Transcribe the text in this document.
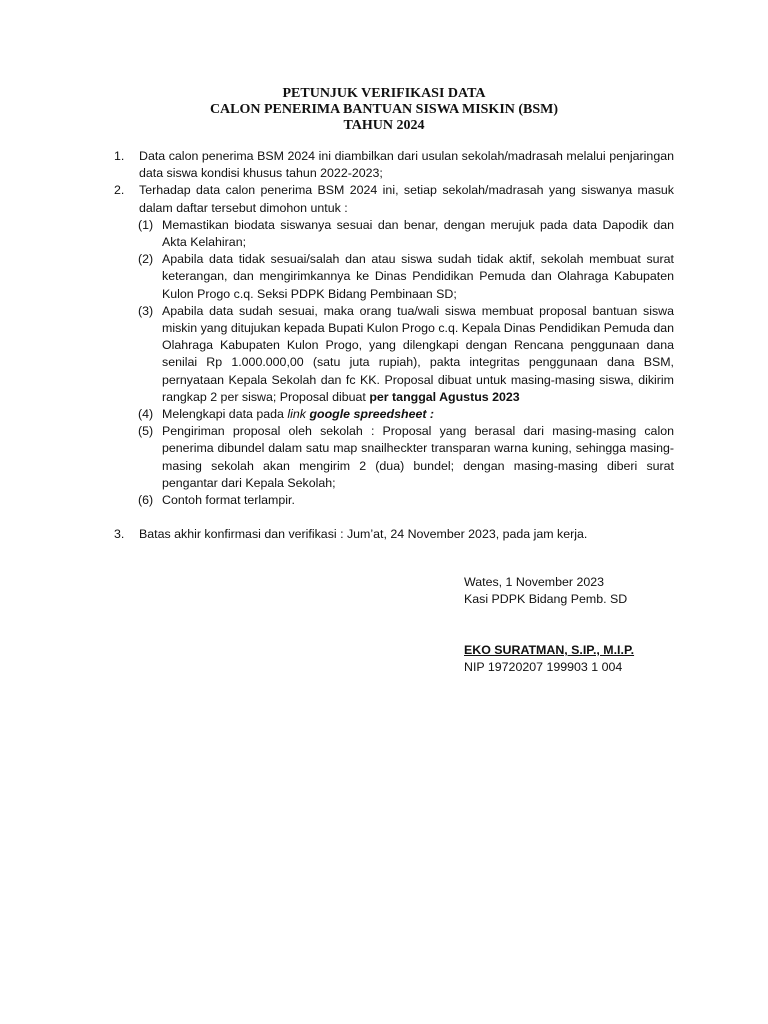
PETUNJUK VERIFIKASI DATA
CALON PENERIMA BANTUAN SISWA MISKIN (BSM)
TAHUN 2024
1. Data calon penerima BSM 2024 ini diambilkan dari usulan sekolah/madrasah melalui penjaringan data siswa kondisi khusus tahun 2022-2023;
2. Terhadap data calon penerima BSM 2024 ini, setiap sekolah/madrasah yang siswanya masuk dalam daftar tersebut dimohon untuk :
(1) Memastikan biodata siswanya sesuai dan benar, dengan merujuk pada data Dapodik dan Akta Kelahiran;
(2) Apabila data tidak sesuai/salah dan atau siswa sudah tidak aktif, sekolah membuat surat keterangan, dan mengirimkannya ke Dinas Pendidikan Pemuda dan Olahraga Kabupaten Kulon Progo c.q. Seksi PDPK Bidang Pembinaan SD;
(3) Apabila data sudah sesuai, maka orang tua/wali siswa membuat proposal bantuan siswa miskin yang ditujukan kepada Bupati Kulon Progo c.q. Kepala Dinas Pendidikan Pemuda dan Olahraga Kabupaten Kulon Progo, yang dilengkapi dengan Rencana penggunaan dana senilai Rp 1.000.000,00 (satu juta rupiah), pakta integritas penggunaan dana BSM, pernyataan Kepala Sekolah dan fc KK. Proposal dibuat untuk masing-masing siswa, dikirim rangkap 2 per siswa; Proposal dibuat per tanggal Agustus 2023
(4) Melengkapi data pada link google spreedsheet :
(5) Pengiriman proposal oleh sekolah : Proposal yang berasal dari masing-masing calon penerima dibundel dalam satu map snailheckter transparan warna kuning, sehingga masing-masing sekolah akan mengirim 2 (dua) bundel; dengan masing-masing diberi surat pengantar dari Kepala Sekolah;
(6) Contoh format terlampir.
3. Batas akhir konfirmasi dan verifikasi : Jum’at, 24 November 2023, pada jam kerja.
Wates, 1 November 2023
Kasi PDPK Bidang Pemb. SD
EKO SURATMAN, S.IP., M.I.P.
NIP 19720207 199903 1 004
